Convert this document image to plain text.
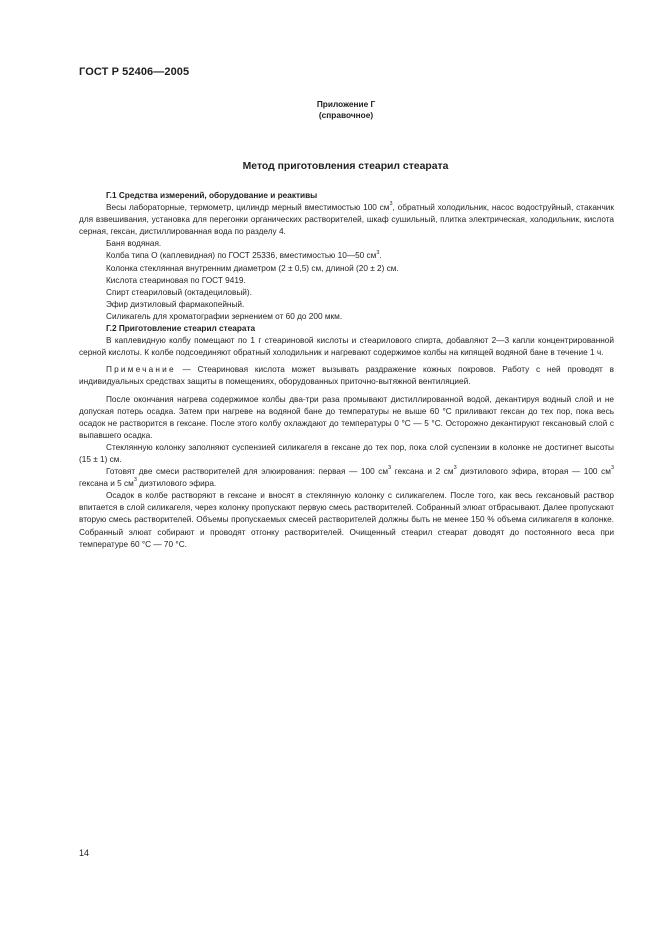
ГОСТ Р 52406—2005
Приложение Г
(справочное)
Метод приготовления стеарил стеарата

Г.1 Средства измерений, оборудование и реактивы

Весы лабораторные, термометр, цилиндр мерный вместимостью 100 $см^3$, обратный холодильник, насос водоструйный, стаканчик для взвешивания, установка для перегонки органических растворителей, шкаф сушильный, плитка электрическая, холодильник, кислота серная, гексан, дистиллированная вода по разделу 4.

Баня водяная.

Колба типа О (каплевидная) по ГОСТ 25336, вместимостью 10—50 $см^3$.

Колонка стеклянная внутренним диаметром (2 ± 0,5) см, длиной (20 ± 2) см.

Кислота стеариновая по ГОСТ 9419.

Спирт стеариловый (октадециловый).

Эфир диэтиловый фармакопейный.

Силикагель для хроматографии зернением от 60 до 200 мкм.

Г.2 Приготовление стеарил стеарата

В каплевидную колбу помещают по 1 г стеариновой кислоты и стеарилового спирта, добавляют 2—3 капли концентрированной серной кислоты. К колбе подсоединяют обратный холодильник и нагревают содержимое колбы на кипящей водяной бане в течение 1 ч.

Примечание — Стеариновая кислота может вызывать раздражение кожных покровов. Работу с ней проводят в индивидуальных средствах защиты в помещениях, оборудованных приточно-вытяжной вентиляцией.

После окончания нагрева содержимое колбы два-три раза промывают дистиллированной водой, декантируя водный слой и не допуская потерь осадка. Затем при нагреве на водяной бане до температуры не выше 60 °С приливают гексан до тех пор, пока весь осадок не растворится в гексане. После этого колбу охлаждают до температуры 0 °С — 5 °С. Осторожно декантируют гексановый слой с выпавшего осадка.

Стеклянную колонку заполняют суспензией силикагеля в гексане до тех пор, пока слой суспензии в колонке не достигнет высоты (15 ± 1) см.

Готовят две смеси растворителей для элюирования: первая — 100 $см^3$ гексана и 2 $см^3$ диэтилового эфира, вторая — 100 $см^3$ гексана и 5 $см^3$ диэтилового эфира.

Осадок в колбе растворяют в гексане и вносят в стеклянную колонку с силикагелем. После того, как весь гексановый раствор впитается в слой силикагеля, через колонку пропускают первую смесь растворителей. Собранный элюат отбрасывают. Далее пропускают вторую смесь растворителей. Объемы пропускаемых смесей растворителей должны быть не менее 150 % объема силикагеля в колонке. Собранный элюат собирают и проводят отгонку растворителей. Очищенный стеарил стеарат доводят до постоянного веса при температуре 60 °С — 70 °С.

14
